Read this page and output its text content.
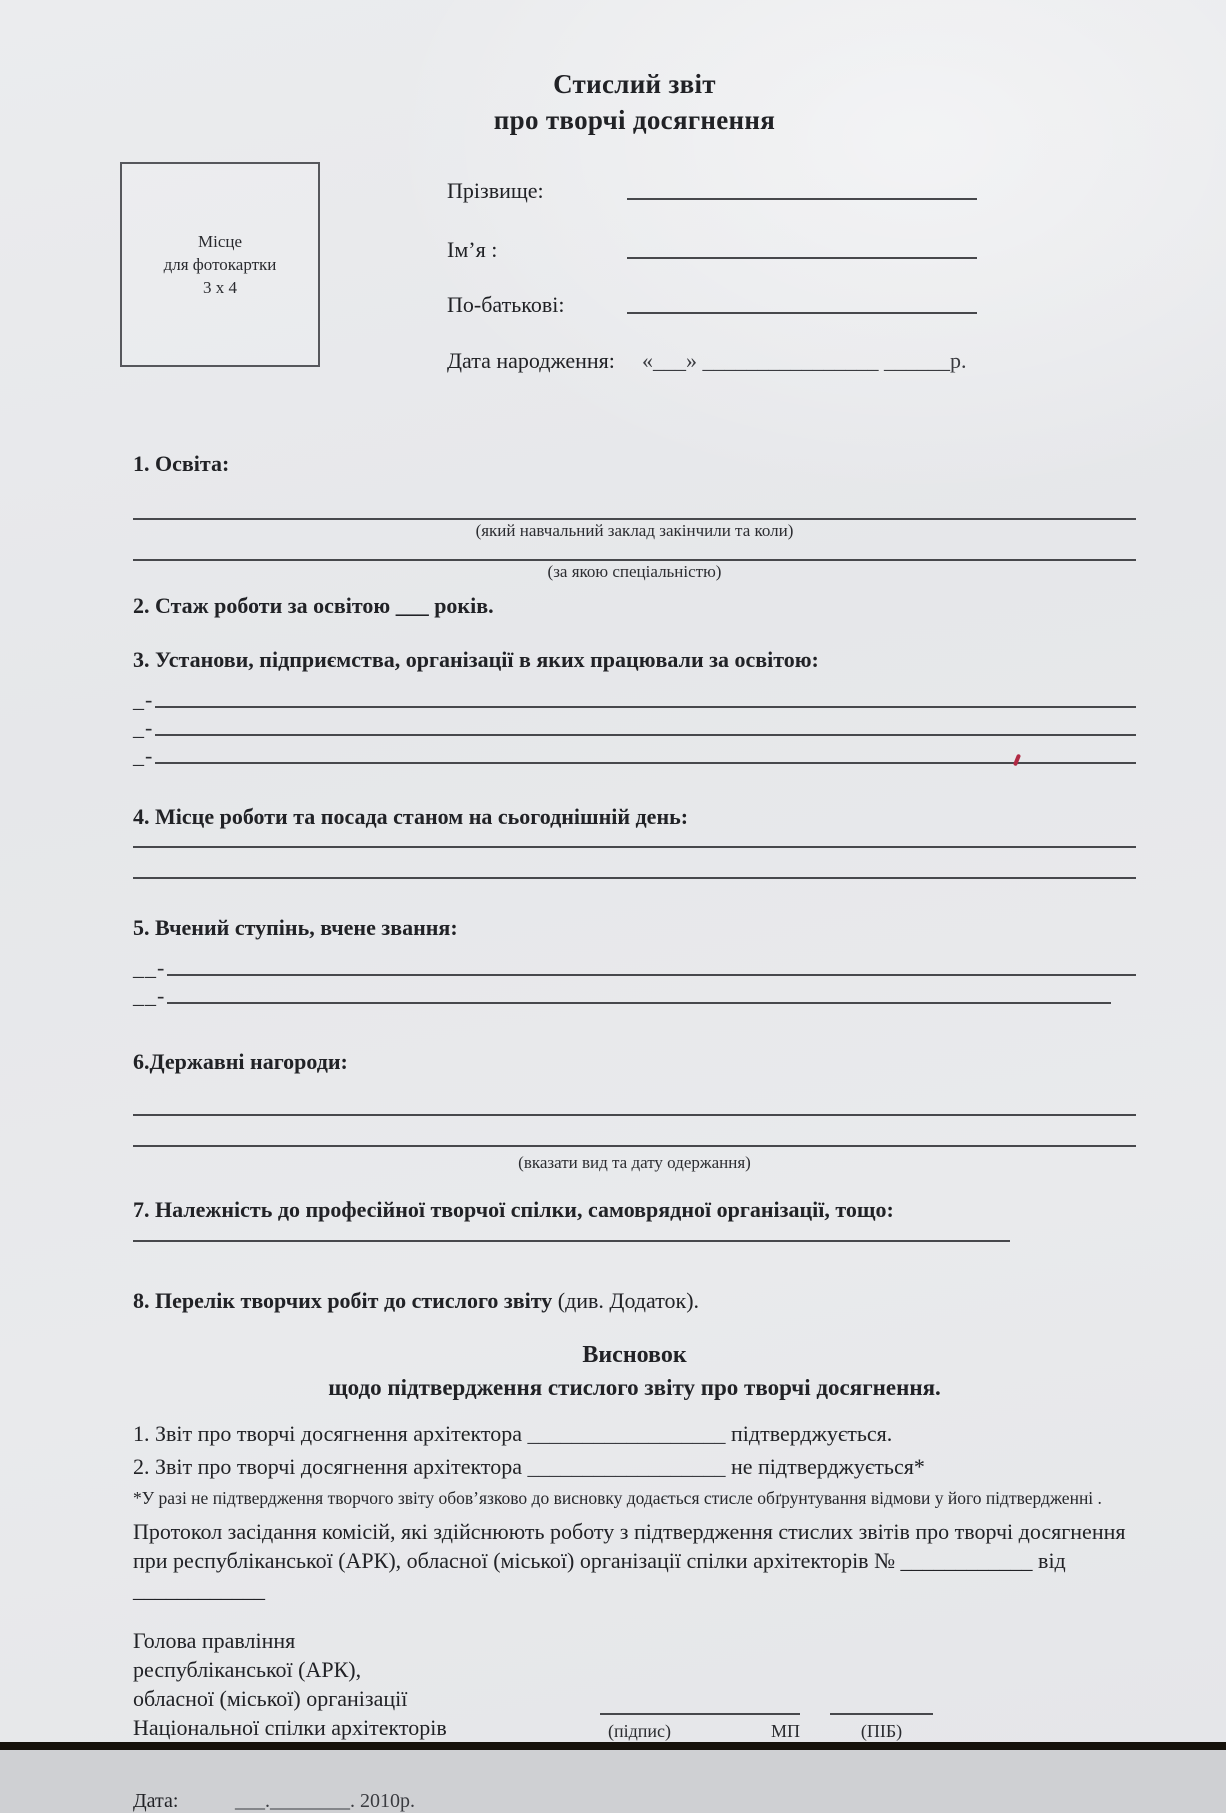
Стислий звіт
про творчі досягнення
Місце
для фотокартки
3 х 4
Прізвище:
Ім’я :
По-батькові:
Дата народження:	«___» ________________ ______р.
1. Освіта:
(який навчальний заклад закінчили та коли)
(за якою спеціальністю)
2. Стаж роботи за освітою ___ років.
3. Установи, підприємства, організації в яких працювали за освітою:
_-
_-
_-
4. Місце роботи та посада станом на сьогоднішній день:
5. Вчений ступінь, вчене звання:
__-
__-
6.Державні нагороди:
(вказати вид та дату одержання)
7. Належність до професійної творчої спілки, самоврядної організації, тощо:
8. Перелік творчих робіт до стислого звіту (див. Додаток).
Висновок
щодо підтвердження стислого звіту про творчі досягнення.
1. Звіт про творчі досягнення архітектора __________________ підтверджується.
2. Звіт про творчі досягнення архітектора __________________ не підтверджується*
*У разі не підтвердження творчого звіту обов’язково до висновку додається стисле обґрунтування відмови у його підтвердженні .
Протокол засідання комісій, які здійснюють роботу з підтвердження стислих звітів про творчі досягнення при республіканської (АРК), обласної (міської) організації спілки архітекторів № ____________ від ____________
Голова правління
республіканської (АРК),
обласної (міської) організації
Національної спілки архітекторів	(підпис)	МП	(ПІБ)
Дата:	___.________. 2010р.
